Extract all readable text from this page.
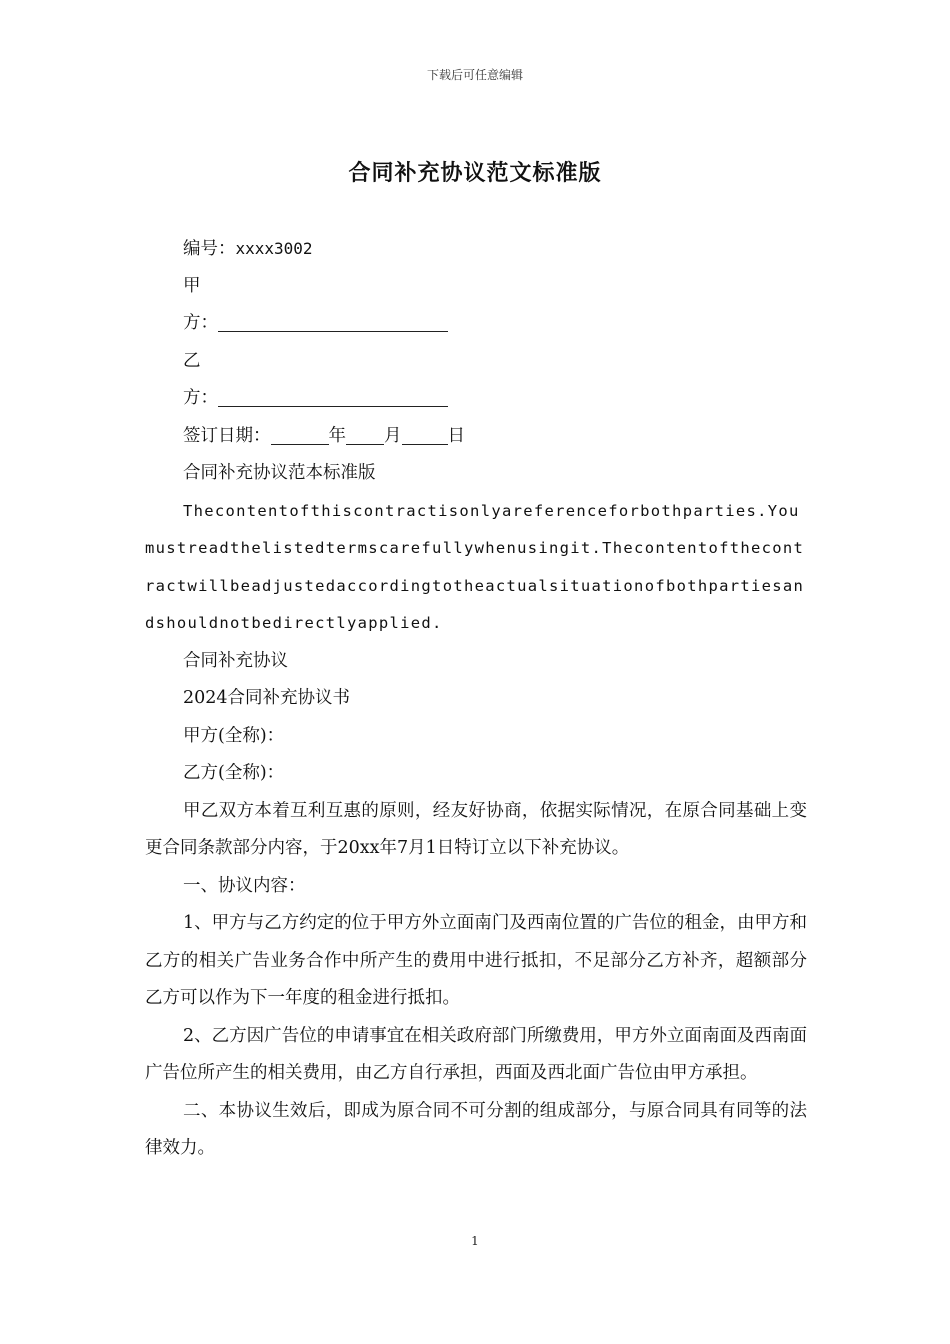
下载后可任意编辑
合同补充协议范文标准版
编号：xxxx3002
甲
方：
乙
方：
签订日期：	年 月	日
合同补充协议范本标准版

Thecontentofthiscontractisonlyareferenceforbothparties.Youmustreadthelistedtermscarefullywhenusingit.Thecontentofthecontractwillbeadjustedaccordingtotheactualsituationofbothpartiesandshouldnotbedirectlyapplied.

合同补充协议
2024合同补充协议书
甲方(全称)：
乙方(全称)：

甲乙双方本着互利互惠的原则，经友好协商，依据实际情况，在原合同基础上变更合同条款部分内容，于20xx年7月1日特订立以下补充协议。

一、协议内容：

1、甲方与乙方约定的位于甲方外立面南门及西南位置的广告位的租金，由甲方和乙方的相关广告业务合作中所产生的费用中进行抵扣，不足部分乙方补齐，超额部分乙方可以作为下一年度的租金进行抵扣。

2、乙方因广告位的申请事宜在相关政府部门所缴费用，甲方外立面南面及西南面广告位所产生的相关费用，由乙方自行承担，西面及西北面广告位由甲方承担。

二、本协议生效后，即成为原合同不可分割的组成部分，与原合同具有同等的法律效力。

1
